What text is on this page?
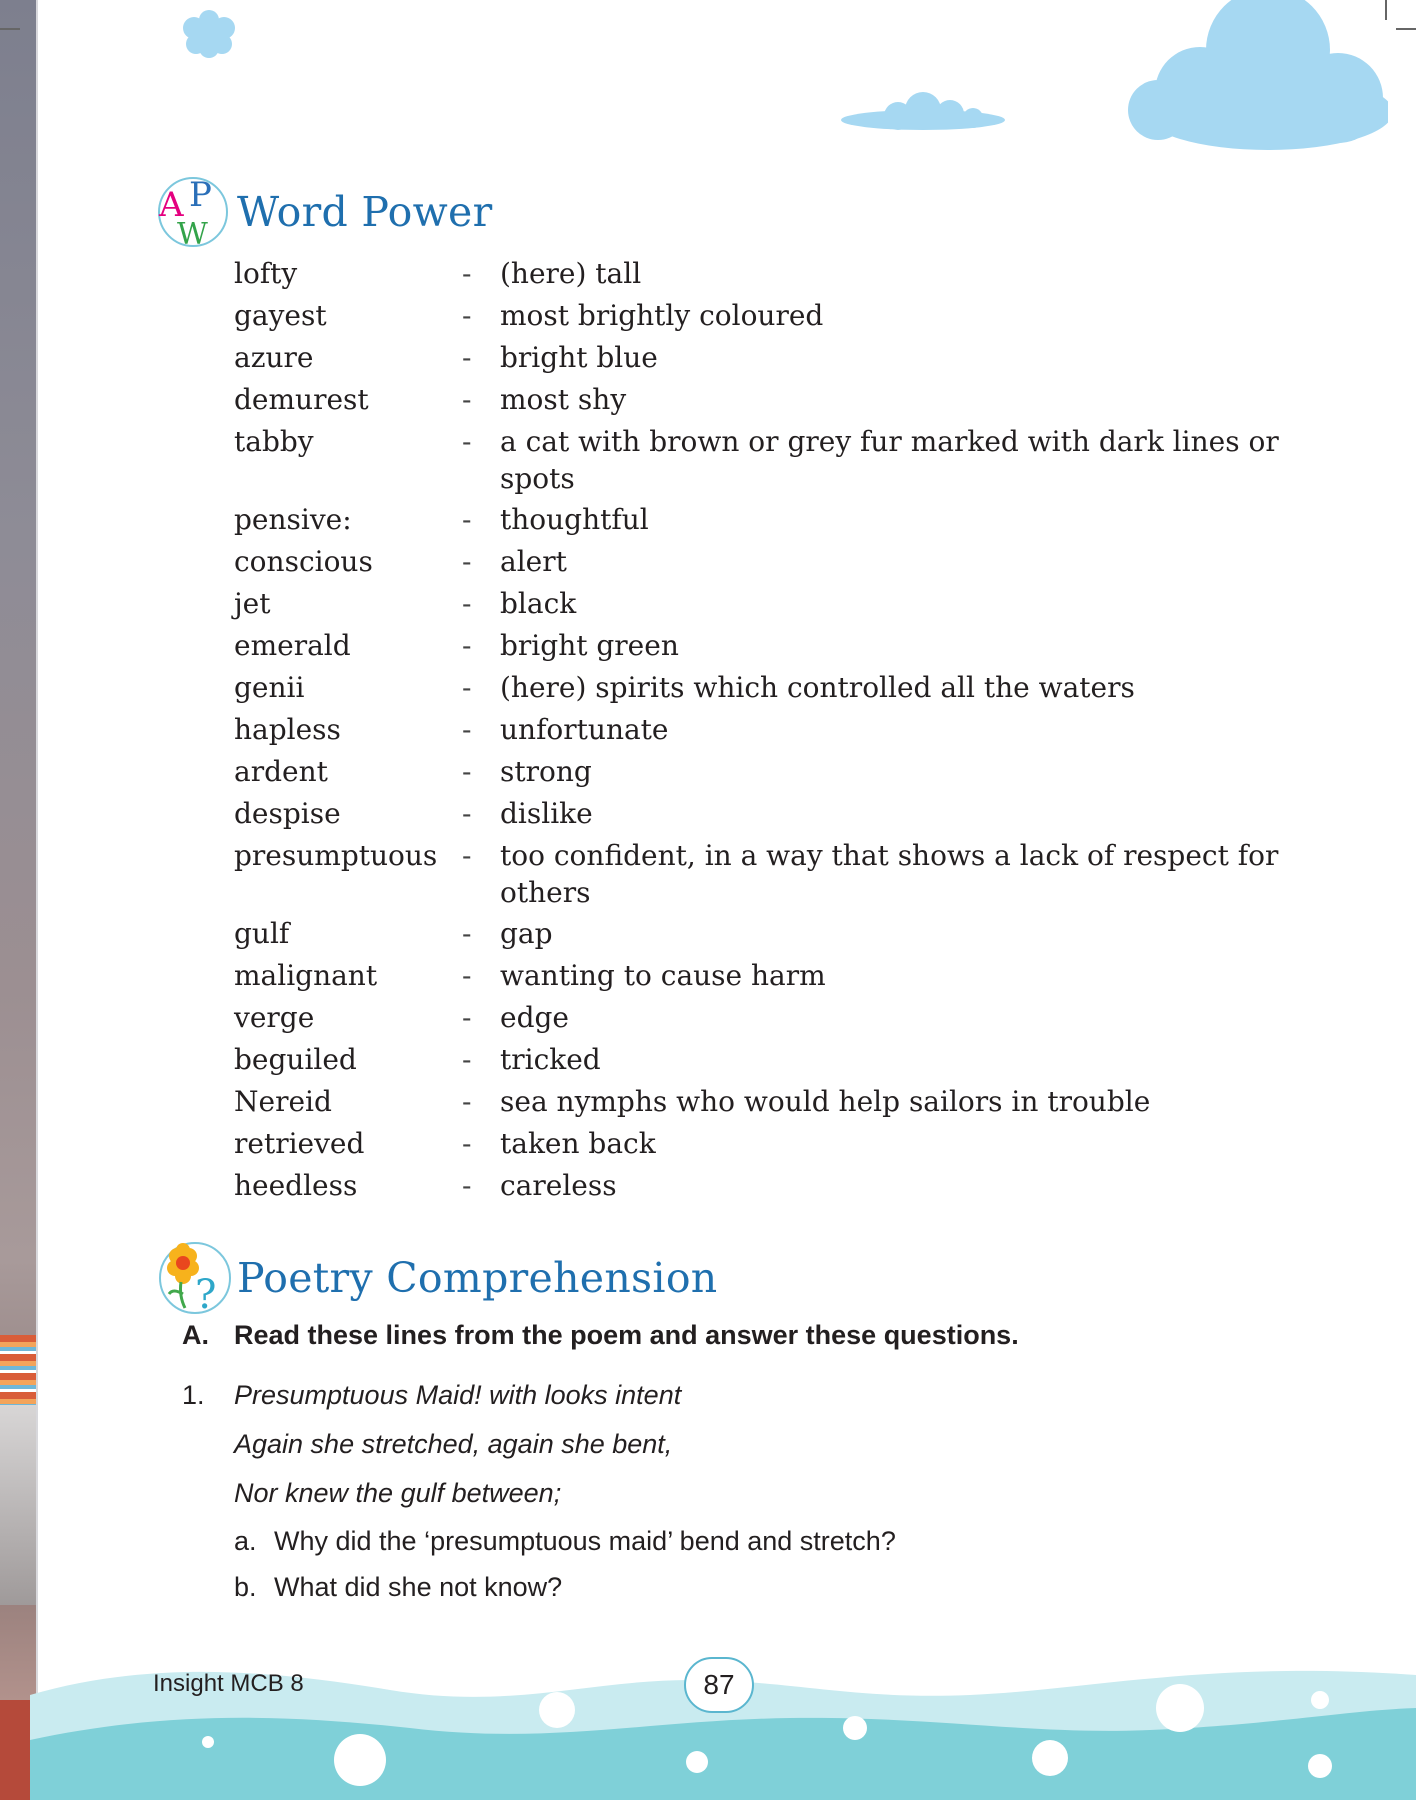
A P
W Word Power
lofty	-	(here) tall
gayest	-	most brightly coloured
azure	-	bright blue
demurest	-	most shy
tabby	-	a cat with brown or grey fur marked with dark lines or spots
pensive:	-	thoughtful
conscious	-	alert
jet	-	black
emerald	-	bright green
genii	-	(here) spirits which controlled all the waters
hapless	-	unfortunate
ardent	-	strong
despise	-	dislike
presumptuous -	too confident, in a way that shows a lack of respect for others
gulf	-	gap
malignant	-	wanting to cause harm
verge	-	edge
beguiled	-	tricked
Nereid	-	sea nymphs who would help sailors in trouble
retrieved	-	taken back
heedless	-	careless
? Poetry Comprehension
A. Read these lines from the poem and answer these questions.
1.	Presumptuous Maid! with looks intent
Again she stretched, again she bent,
Nor knew the gulf between;
a. Why did the ‘presumptuous maid’ bend and stretch?
b. What did she not know?
Insight MCB 8	87
